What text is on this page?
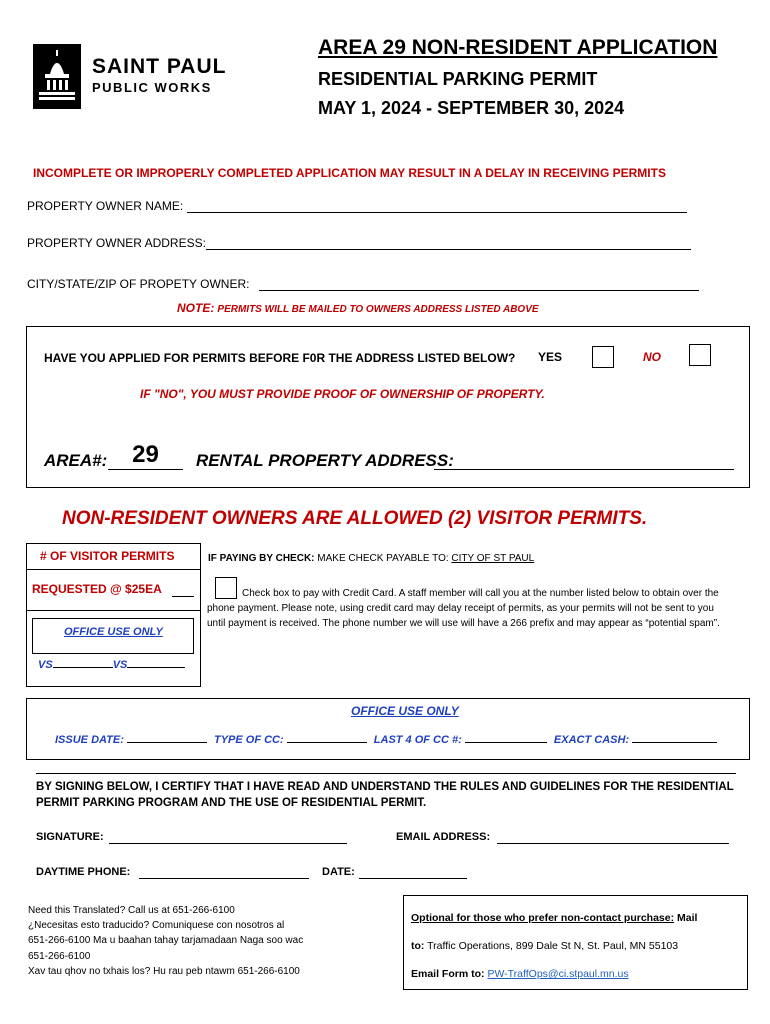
SAINT PAUL
PUBLIC WORKS
AREA 29 NON-RESIDENT APPLICATION
RESIDENTIAL PARKING PERMIT
MAY 1, 2024 - SEPTEMBER 30, 2024
INCOMPLETE OR IMPROPERLY COMPLETED APPLICATION MAY RESULT IN A DELAY IN RECEIVING PERMITS
PROPERTY OWNER NAME:
PROPERTY OWNER ADDRESS:
CITY/STATE/ZIP OF PROPETY OWNER:
NOTE: PERMITS WILL BE MAILED TO OWNERS ADDRESS LISTED ABOVE
HAVE YOU APPLIED FOR PERMITS BEFORE F0R THE ADDRESS LISTED BELOW? YES	NO
IF "NO", YOU MUST PROVIDE PROOF OF OWNERSHIP OF PROPERTY.
AREA#:	29	RENTAL PROPERTY ADDRESS:
NON-RESIDENT OWNERS ARE ALLOWED (2) VISITOR PERMITS.
# OF VISITOR PERMITS
REQUESTED @ $25EA
OFFICE USE ONLY
VS	VS
IF PAYING BY CHECK: MAKE CHECK PAYABLE TO: CITY OF ST PAUL
Check box to pay with Credit Card. A staff member will call you at the number listed below to obtain over the phone payment. Please note, using credit card may delay receipt of permits, as your permits will not be sent to you until payment is received. The phone number we will use will have a 266 prefix and may appear as “potential spam”.
OFFICE USE ONLY
ISSUE DATE:	TYPE OF CC:	LAST 4 OF CC #:	EXACT CASH:
BY SIGNING BELOW, I CERTIFY THAT I HAVE READ AND UNDERSTAND THE RULES AND GUIDELINES FOR THE RESIDENTIAL PERMIT PARKING PROGRAM AND THE USE OF RESIDENTIAL PERMIT.
SIGNATURE:	EMAIL ADDRESS:
DAYTIME PHONE:	DATE:
Need this Translated? Call us at 651-266-6100
¿Necesitas esto traducido? Comuniquese con nosotros al
651-266-6100 Ma u baahan tahay tarjamadaan Naga soo wac
651-266-6100
Xav tau qhov no txhais los? Hu rau peb ntawm 651-266-6100
Optional for those who prefer non-contact purchase: Mail
to: Traffic Operations, 899 Dale St N, St. Paul, MN 55103
Email Form to: PW-TraffOps@ci.stpaul.mn.us
